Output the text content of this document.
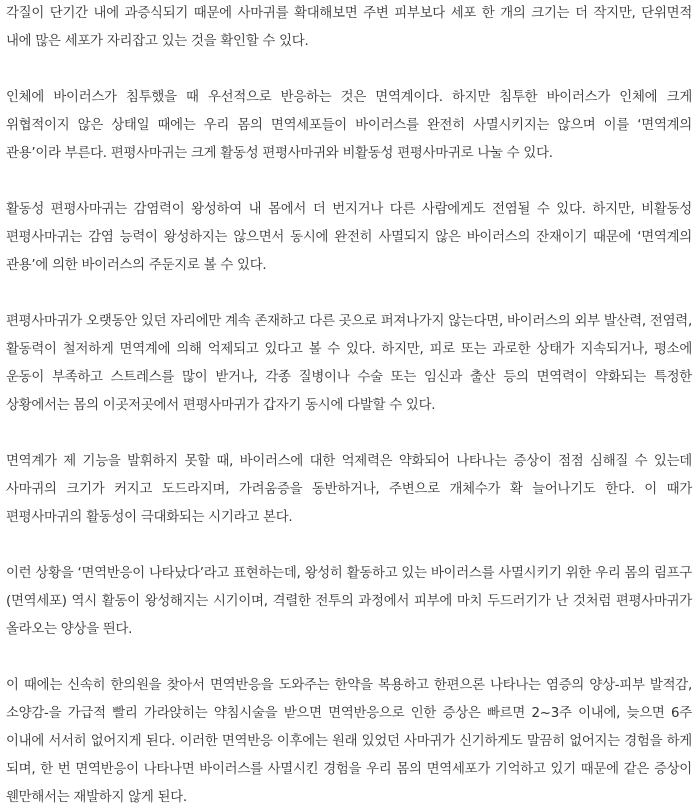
각질이 단기간 내에 과증식되기 때문에 사마귀를 확대해보면 주변 피부보다 세포 한 개의 크기는 더 작지만, 단위면적 내에 많은 세포가 자리잡고 있는 것을 확인할 수 있다.

인체에 바이러스가 침투했을 때 우선적으로 반응하는 것은 면역계이다. 하지만 침투한 바이러스가 인체에 크게 위협적이지 않은 상태일 때에는 우리 몸의 면역세포들이 바이러스를 완전히 사멸시키지는 않으며 이를 ‘면역계의 관용’이라 부른다. 편평사마귀는 크게 활동성 편평사마귀와 비활동성 편평사마귀로 나눌 수 있다.

활동성 편평사마귀는 감염력이 왕성하여 내 몸에서 더 번지거나 다른 사람에게도 전염될 수 있다. 하지만, 비활동성 편평사마귀는 감염 능력이 왕성하지는 않으면서 동시에 완전히 사멸되지 않은 바이러스의 잔재이기 때문에 ‘면역계의 관용’에 의한 바이러스의 주둔지로 볼 수 있다.

편평사마귀가 오랫동안 있던 자리에만 계속 존재하고 다른 곳으로 퍼져나가지 않는다면, 바이러스의 외부 발산력, 전염력, 활동력이 철저하게 면역계에 의해 억제되고 있다고 볼 수 있다. 하지만, 피로 또는 과로한 상태가 지속되거나, 평소에 운동이 부족하고 스트레스를 많이 받거나, 각종 질병이나 수술 또는 임신과 출산 등의 면역력이 약화되는 특정한 상황에서는 몸의 이곳저곳에서 편평사마귀가 갑자기 동시에 다발할 수 있다.

면역계가 제 기능을 발휘하지 못할 때, 바이러스에 대한 억제력은 약화되어 나타나는 증상이 점점 심해질 수 있는데 사마귀의 크기가 커지고 도드라지며, 가려움증을 동반하거나, 주변으로 개체수가 확 늘어나기도 한다. 이 때가 편평사마귀의 활동성이 극대화되는 시기라고 본다.

이런 상황을 ‘면역반응이 나타났다’라고 표현하는데, 왕성히 활동하고 있는 바이러스를 사멸시키기 위한 우리 몸의 림프구(면역세포) 역시 활동이 왕성해지는 시기이며, 격렬한 전투의 과정에서 피부에 마치 두드러기가 난 것처럼 편평사마귀가 올라오는 양상을 띈다.

이 때에는 신속히 한의원을 찾아서 면역반응을 도와주는 한약을 복용하고 한편으론 나타나는 염증의 양상-피부 발적감, 소양감-을 가급적 빨리 가라앉히는 약침시술을 받으면 면역반응으로 인한 증상은 빠르면 2~3주 이내에, 늦으면 6주 이내에 서서히 없어지게 된다. 이러한 면역반응 이후에는 원래 있었던 사마귀가 신기하게도 말끔히 없어지는 경험을 하게 되며, 한 번 면역반응이 나타나면 바이러스를 사멸시킨 경험을 우리 몸의 면역세포가 기억하고 있기 때문에 같은 증상이 웬만해서는 재발하지 않게 된다.
